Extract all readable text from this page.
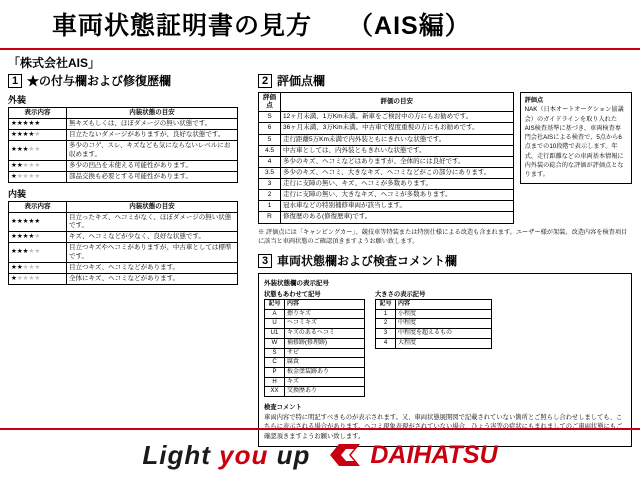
車両状態証明書の見方 （AIS編）
「株式会社AIS」
1 ★の付与欄および修復歴欄
外装
表示内容	内装状態の目安
★★★★★	無キズもしくは、ほぼダメージの無い状態です。
★★★★★	目立たないダメージがありますが、良好な状態です。
★★★★★	多少のコゲ、スレ、キズなども気にならないレベルにお収めます。
★★★★★	多少の凹凸を未使える可能性があります。
★★★★★	部品交換も必要とする可能性があります。
内装
表示内容	内装状態の目安
★★★★★	目立ったキズ、ヘコミがなく、ほぼダメージの無い状態です。
★★★★★	キズ、ヘコミなどが少なく、良好な状態です。
★★★★★	目立つキズやヘコミがありますが、中古車としては標準です。
★★★★★	目立つキズ、ヘコミなどがあります。
★★★★★	全体にキズ、ヘコミなどがあります。
2 評価点欄
評価点	評価の目安
S	12ヶ月未満、1万Km未満。新車をご検討中の方にもお勧めです。
6	36ヶ月未満、3万Km未満。中古車で程度重視の方にもお勧めです。
5	走行距離5万Km未満で内外装ともにきれいな状態です。
4.5	中古車としては、内外装ともきれいな状態です。
4	多少のキズ、ヘコミなどはありますが、全体的には良好です。
3.5	多少のキズ、ヘコミ、大きなキズ、ヘコミなどがこの部分にあります。
3	走行に支障の無い、キズ、ヘコミが多数あります。
2	走行に支障の無い、大きなキズ、ヘコミが多数あります。
1	冠水車などの特別補修車両が該当します。
R	修復歴のある(修復歴車)です。
評価点
NAK（日本オートオークション協議会）のガイドラインを取り入れたAIS検査基準に基づき、車両検査専門会社AISによる検査で、5点から6点までの10段階で表示します。年式、走行距離などの車両基本情報に内外装の総合的な評価が評価点となります。
※ 評価点には「キャンピングカー」、競技車等特装または特別仕様による改造も含まれます。ユーザー様が架装、改造内容を検査項目に該当と車両状態のご確認頂きますようお願い致します。
3 車両状態欄および検査コメント欄
外装状態欄の表示記号
状態もあわせて記号
記号	内容
A	擦りキズ
U	ヘコミキズ
U1	キズのあるヘコミ
W	補修跡(修理跡)
S	サビ
C	腐食
P	板金塗装跡あり
H	キズ
XX	交換歴あり
大きさの表示記号
記号	内容
1	小程度
2	中程度
3	中程度を超えるもの
4	大程度
検査コメント
車両内容で特に明記すべきものが表示されます。又、車両状態展開図で記載されていない箇所とご照らし合わせしましても、こちらに表示される場合があります。ヘコミ現象表現がされていない場合、ひょう害等の症状にもまれましてのご車両状態にもご確認頂きますようお願い致します。
Light you up DAIHATSU
